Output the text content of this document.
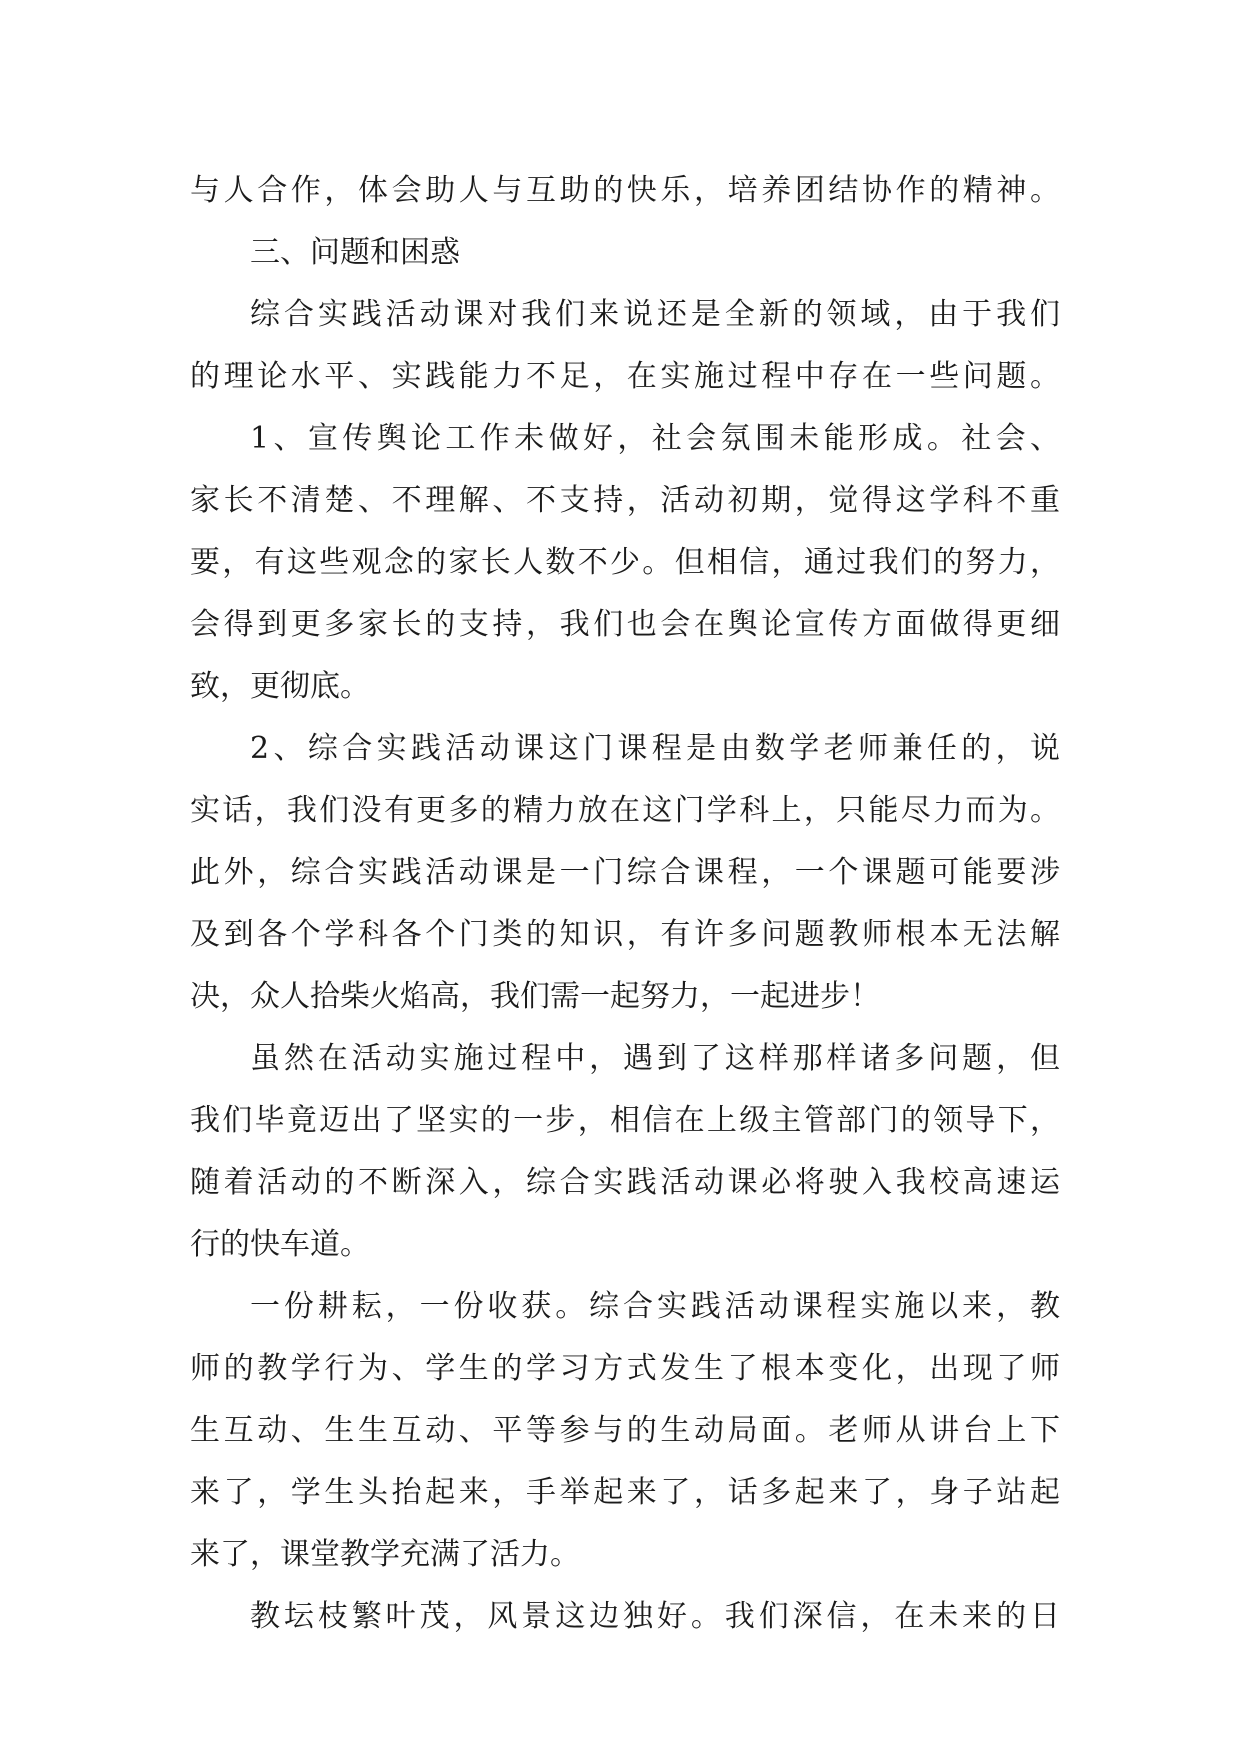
与人合作，体会助人与互助的快乐，培养团结协作的精神。
三、问题和困惑
综合实践活动课对我们来说还是全新的领域，由于我们
的理论水平、实践能力不足，在实施过程中存在一些问题。
1、宣传舆论工作未做好，社会氛围未能形成。社会、
家长不清楚、不理解、不支持，活动初期，觉得这学科不重
要，有这些观念的家长人数不少。但相信，通过我们的努力，
会得到更多家长的支持，我们也会在舆论宣传方面做得更细
致，更彻底。
2、综合实践活动课这门课程是由数学老师兼任的，说
实话，我们没有更多的精力放在这门学科上，只能尽力而为。
此外，综合实践活动课是一门综合课程，一个课题可能要涉
及到各个学科各个门类的知识，有许多问题教师根本无法解
决，众人拾柴火焰高，我们需一起努力，一起进步！
虽然在活动实施过程中，遇到了这样那样诸多问题，但
我们毕竟迈出了坚实的一步，相信在上级主管部门的领导下，
随着活动的不断深入，综合实践活动课必将驶入我校高速运
行的快车道。
一份耕耘，一份收获。综合实践活动课程实施以来，教
师的教学行为、学生的学习方式发生了根本变化，出现了师
生互动、生生互动、平等参与的生动局面。老师从讲台上下
来了，学生头抬起来，手举起来了，话多起来了，身子站起
来了，课堂教学充满了活力。
教坛枝繁叶茂，风景这边独好。我们深信，在未来的日
